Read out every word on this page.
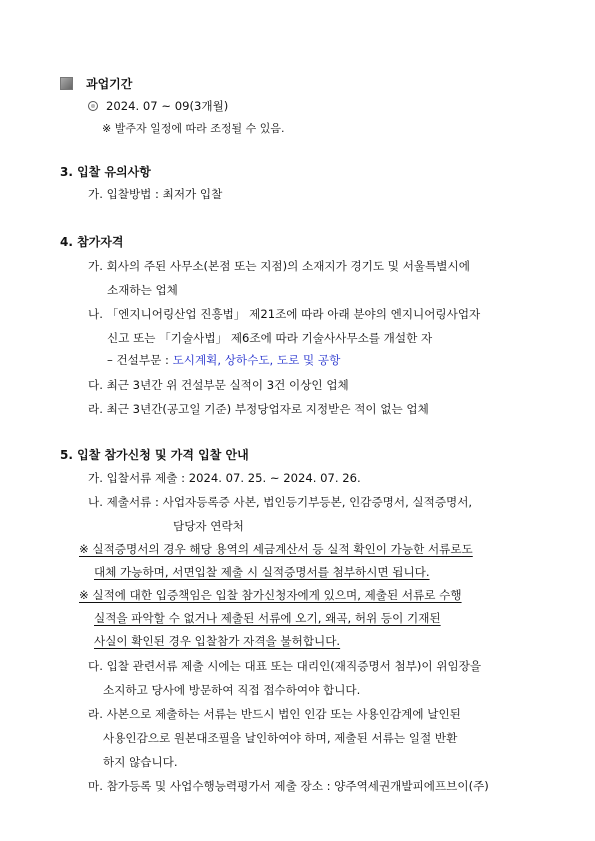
과업기간
2024. 07 ~ 09(3개월)
※ 발주자 일정에 따라 조정될 수 있음.
3. 입찰 유의사항
가. 입찰방법 : 최저가 입찰
4. 참가자격
가. 회사의 주된 사무소(본점 또는 지점)의 소재지가 경기도 및 서울특별시에
소재하는 업체
나. 「엔지니어링산업 진흥법」 제21조에 따라 아래 분야의 엔지니어링사업자
신고 또는 「기술사법」 제6조에 따라 기술사사무소를 개설한 자
– 건설부문 : 도시계획, 상하수도, 도로 및 공항
다. 최근 3년간 위 건설부문 실적이 3건 이상인 업체
라. 최근 3년간(공고일 기준) 부정당업자로 지정받은 적이 없는 업체
5. 입찰 참가신청 및 가격 입찰 안내
가. 입찰서류 제출 : 2024. 07. 25. ~ 2024. 07. 26.
나. 제출서류 : 사업자등록증 사본, 법인등기부등본, 인감증명서, 실적증명서,
담당자 연락처
※ 실적증명서의 경우 해당 용역의 세금계산서 등 실적 확인이 가능한 서류로도
대체 가능하며, 서면입찰 제출 시 실적증명서를 첨부하시면 됩니다.
※ 실적에 대한 입증책임은 입찰 참가신청자에게 있으며, 제출된 서류로 수행
실적을 파악할 수 없거나 제출된 서류에 오기, 왜곡, 허위 등이 기재된
사실이 확인된 경우 입찰참가 자격을 불허합니다.
다. 입찰 관련서류 제출 시에는 대표 또는 대리인(재직증명서 첨부)이 위임장을
소지하고 당사에 방문하여 직접 접수하여야 합니다.
라. 사본으로 제출하는 서류는 반드시 법인 인감 또는 사용인감계에 날인된
사용인감으로 원본대조필을 날인하여야 하며, 제출된 서류는 일절 반환
하지 않습니다.
마. 참가등록 및 사업수행능력평가서 제출 장소 : 양주역세권개발피에프브이(주)
